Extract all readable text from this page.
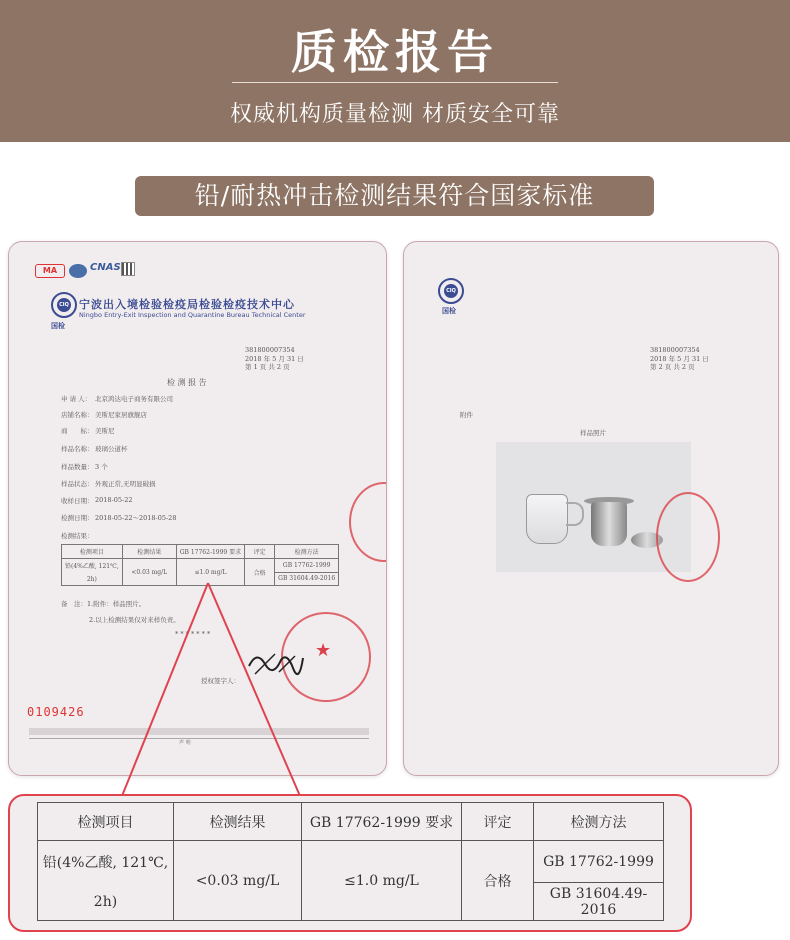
质检报告
权威机构质量检测 材质安全可靠
铅/耐热冲击检测结果符合国家标准
MA	CNAS
CIQ
国检
宁波出入境检验检疫局检验检疫技术中心
Ningbo Entry-Exit Inspection and Quarantine Bureau Technical Center
381800007354
2018 年 5 月 31 日
第 1 页 共 2 页
检 测 报 告
申 请 人： 北京鸿达电子商务有限公司
店铺名称： 美斯尼家居旗舰店
商　　标： 美斯尼
样品名称： 玻璃公道杯
样品数量： 3 个
样品状态： 外观正常,无明显破损
收样日期： 2018-05-22
检测日期： 2018-05-22～2018-05-28
检测结果：
检测项目	检测结果	GB 17762-1999 要求	评定	检测方法

铅(4%乙酸, 121℃,
2h)	<0.03 mg/L	≤1.0 mg/L	合格	GB 17762-1999
				GB 31604.49-2016
备　注：1.附件：样品照片。
2.以上检测结果仅对来样负责。
* * * * * * *
授权签字人：
★
0109426
声 明
CIQ
国检
381800007354
2018 年 5 月 31 日
第 2 页 共 2 页
附件
样品照片
检测项目	检测结果	GB 17762-1999 要求	评定	检测方法

铅(4%乙酸, 121℃,
2h)	<0.03 mg/L	≤1.0 mg/L	合格	GB 17762-1999
				GB 31604.49-2016
